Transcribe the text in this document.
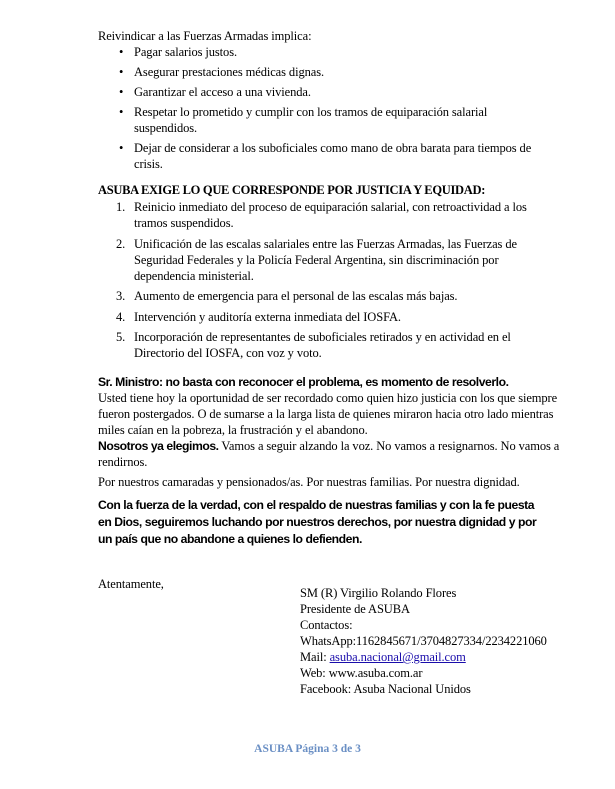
Reivindicar a las Fuerzas Armadas implica:

• Pagar salarios justos.
• Asegurar prestaciones médicas dignas.
• Garantizar el acceso a una vivienda.
• Respetar lo prometido y cumplir con los tramos de equiparación salarial suspendidos.
• Dejar de considerar a los suboficiales como mano de obra barata para tiempos de crisis.

ASUBA EXIGE LO QUE CORRESPONDE POR JUSTICIA Y EQUIDAD:

1. Reinicio inmediato del proceso de equiparación salarial, con retroactividad a los tramos suspendidos.
2. Unificación de las escalas salariales entre las Fuerzas Armadas, las Fuerzas de Seguridad Federales y la Policía Federal Argentina, sin discriminación por dependencia ministerial.
3. Aumento de emergencia para el personal de las escalas más bajas.
4. Intervención y auditoría externa inmediata del IOSFA.
5. Incorporación de representantes de suboficiales retirados y en actividad en el Directorio del IOSFA, con voz y voto.

Sr. Ministro: no basta con reconocer el problema, es momento de resolverlo.

Usted tiene hoy la oportunidad de ser recordado como quien hizo justicia con los que siempre fueron postergados. O de sumarse a la larga lista de quienes miraron hacia otro lado mientras miles caían en la pobreza, la frustración y el abandono.

Nosotros ya elegimos. Vamos a seguir alzando la voz. No vamos a resignarnos. No vamos a rendirnos.

Por nuestros camaradas y pensionados/as. Por nuestras familias. Por nuestra dignidad.

Con la fuerza de la verdad, con el respaldo de nuestras familias y con la fe puesta en Dios, seguiremos luchando por nuestros derechos, por nuestra dignidad y por un país que no abandone a quienes lo defienden.

Atentamente,

SM (R) Virgilio Rolando Flores

Presidente de ASUBA

Contactos:

WhatsApp:1162845671/3704827334/2234221060

Mail: asuba.nacional@gmail.com

Web: www.asuba.com.ar

Facebook: Asuba Nacional Unidos

ASUBA Página 3 de 3
